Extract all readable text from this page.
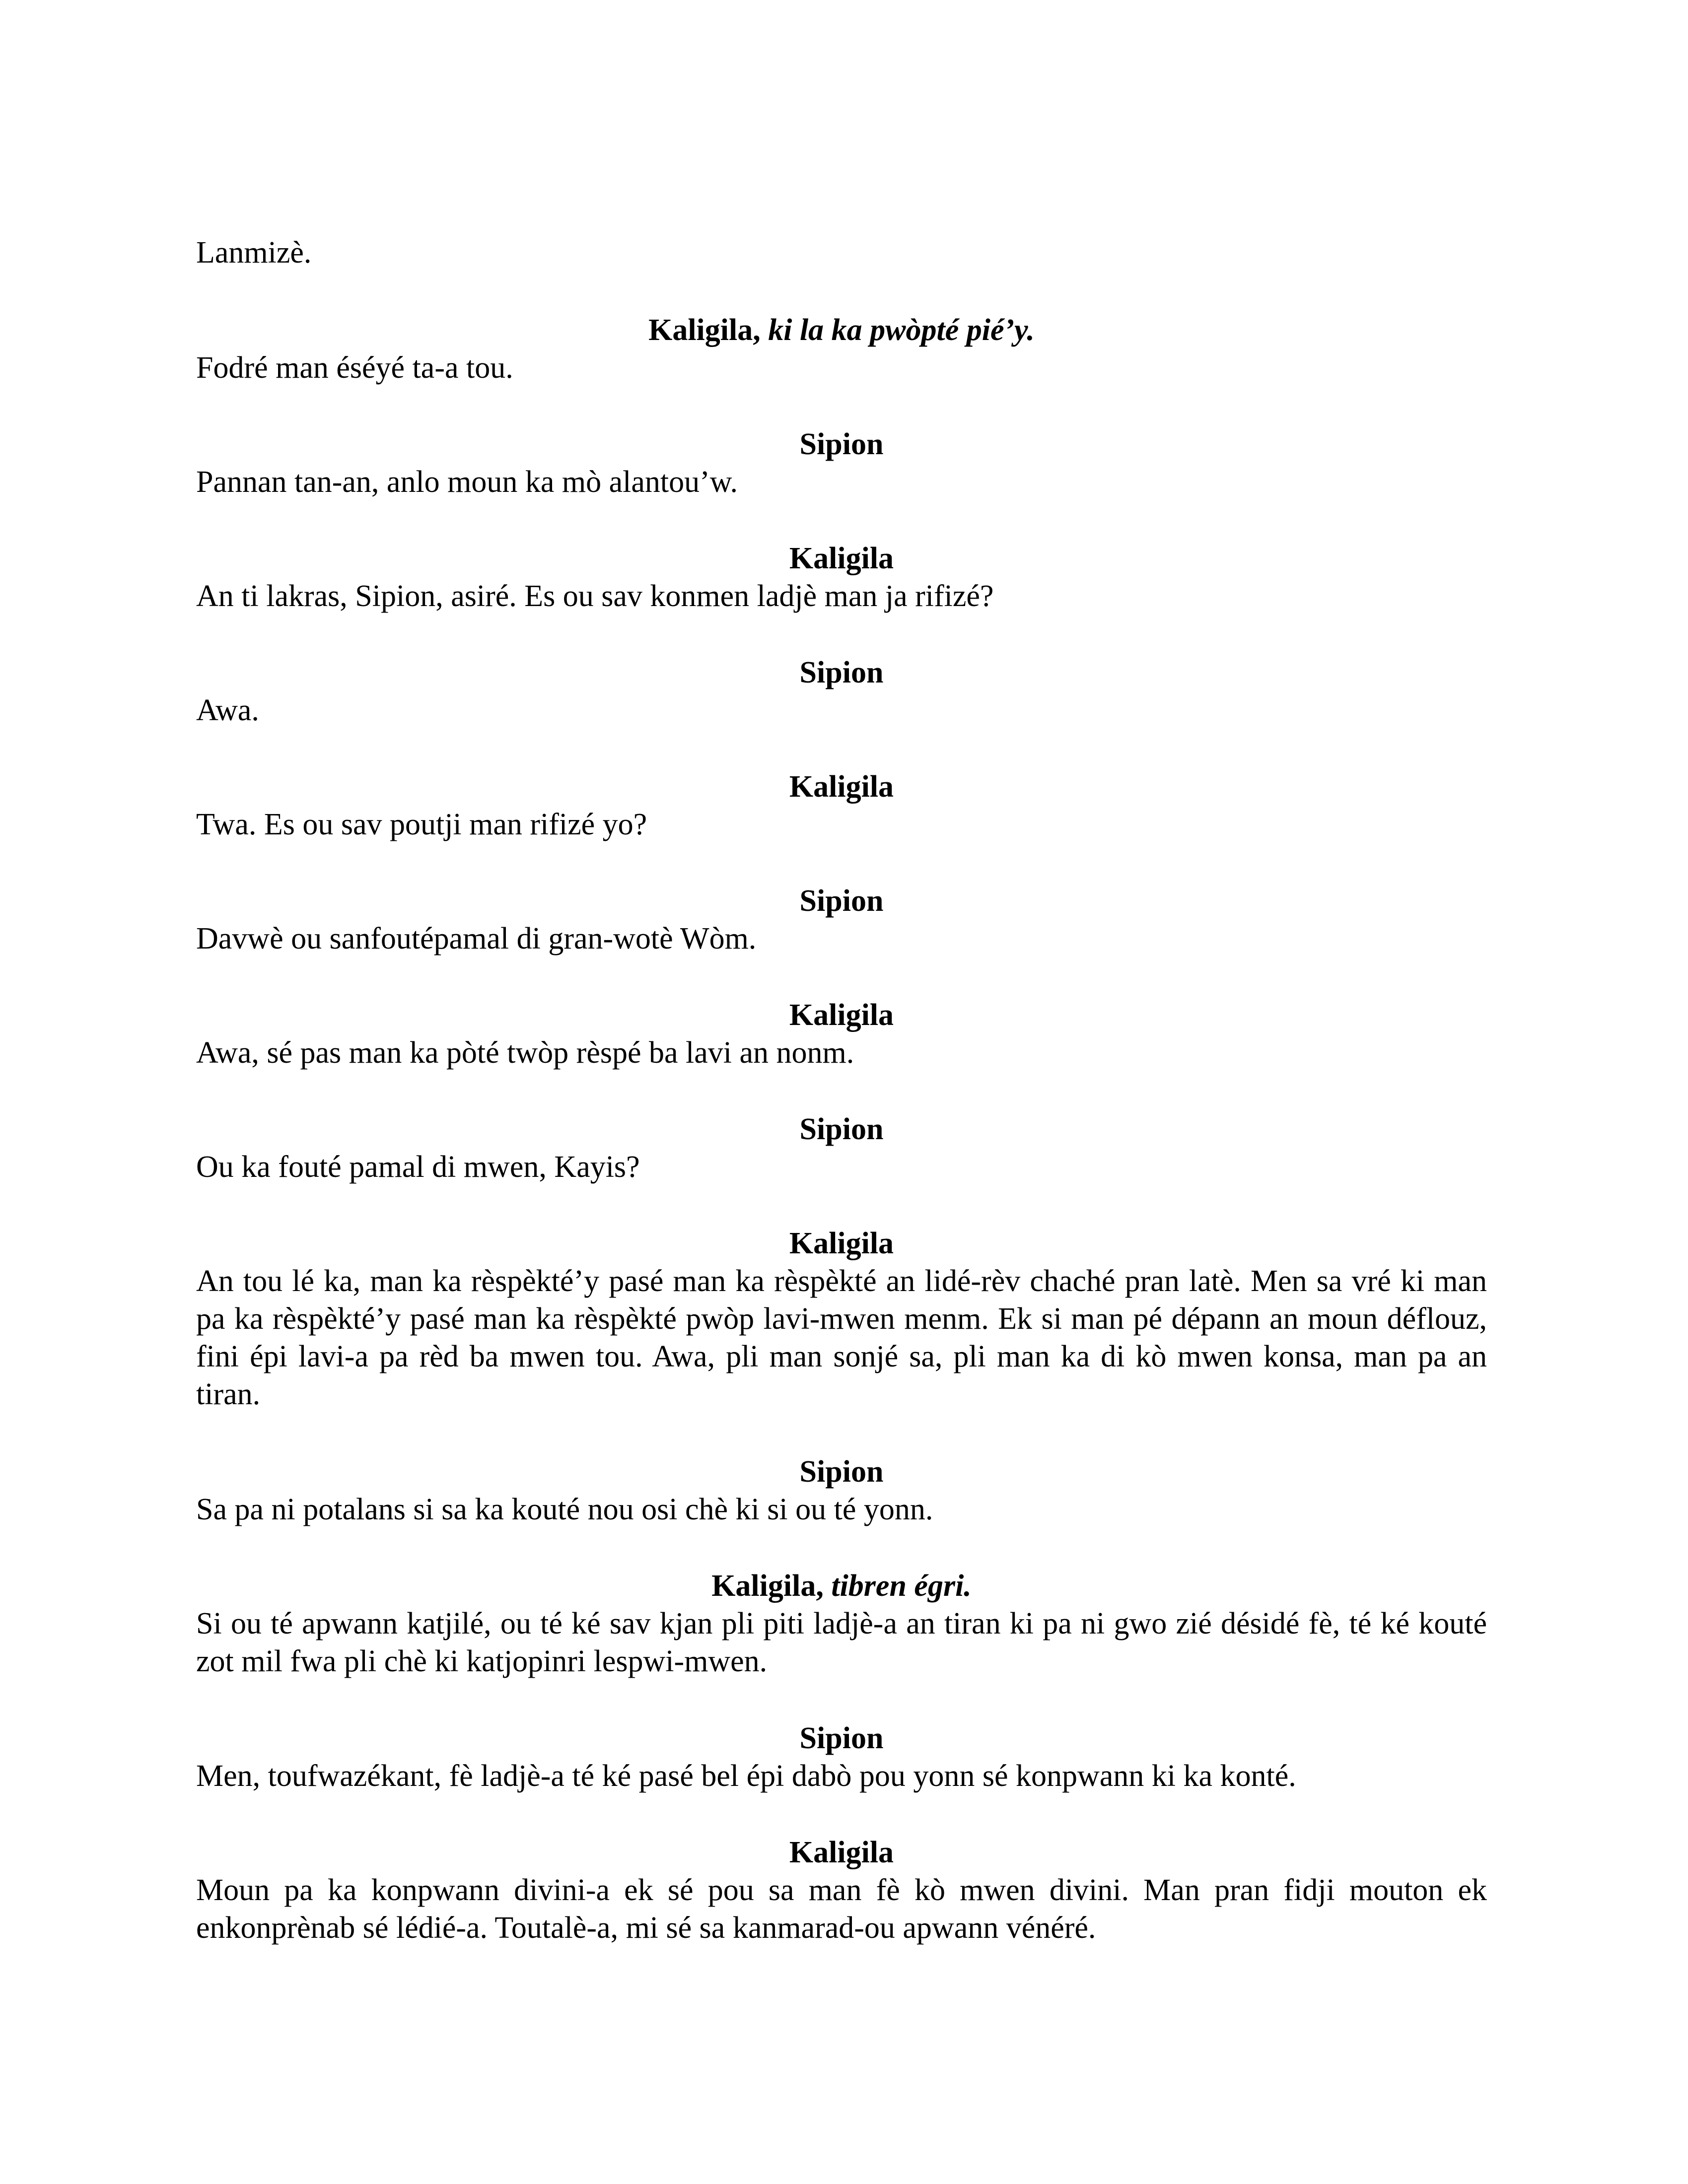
Lanmizè.
Kaligila, ki la ka pwòpté pié’y.
Fodré man éséyé ta-a tou.
Sipion
Pannan tan-an, anlo moun ka mò alantou’w.
Kaligila
An ti lakras, Sipion, asiré. Es ou sav konmen ladjè man ja rifizé?
Sipion
Awa.
Kaligila
Twa. Es ou sav poutji man rifizé yo?
Sipion
Davwè ou sanfoutépamal di gran-wotè Wòm.
Kaligila
Awa, sé pas man ka pòté twòp rèspé ba lavi an nonm.
Sipion
Ou ka fouté pamal di mwen, Kayis?
Kaligila
An tou lé ka, man ka rèspèkté’y pasé man ka rèspèkté an lidé-rèv chaché pran latè. Men sa vré ki man pa ka rèspèkté’y pasé man ka rèspèkté pwòp lavi-mwen menm. Ek si man pé dépann an moun déflouz, fini épi lavi-a pa rèd ba mwen tou. Awa, pli man sonjé sa, pli man ka di kò mwen konsa, man pa an tiran.
Sipion
Sa pa ni potalans si sa ka kouté nou osi chè ki si ou té yonn.
Kaligila, tibren égri.
Si ou té apwann katjilé, ou té ké sav kjan pli piti ladjè-a an tiran ki pa ni gwo zié désidé fè, té ké kouté zot mil fwa pli chè ki katjopinri lespwi-mwen.
Sipion
Men, toufwazékant, fè ladjè-a té ké pasé bel épi dabò pou yonn sé konpwann ki ka konté.
Kaligila
Moun pa ka konpwann divini-a ek sé pou sa man fè kò mwen divini. Man pran fidji mouton ek enkonprènab sé lédié-a. Toutalè-a, mi sé sa kanmarad-ou apwann vénéré.
